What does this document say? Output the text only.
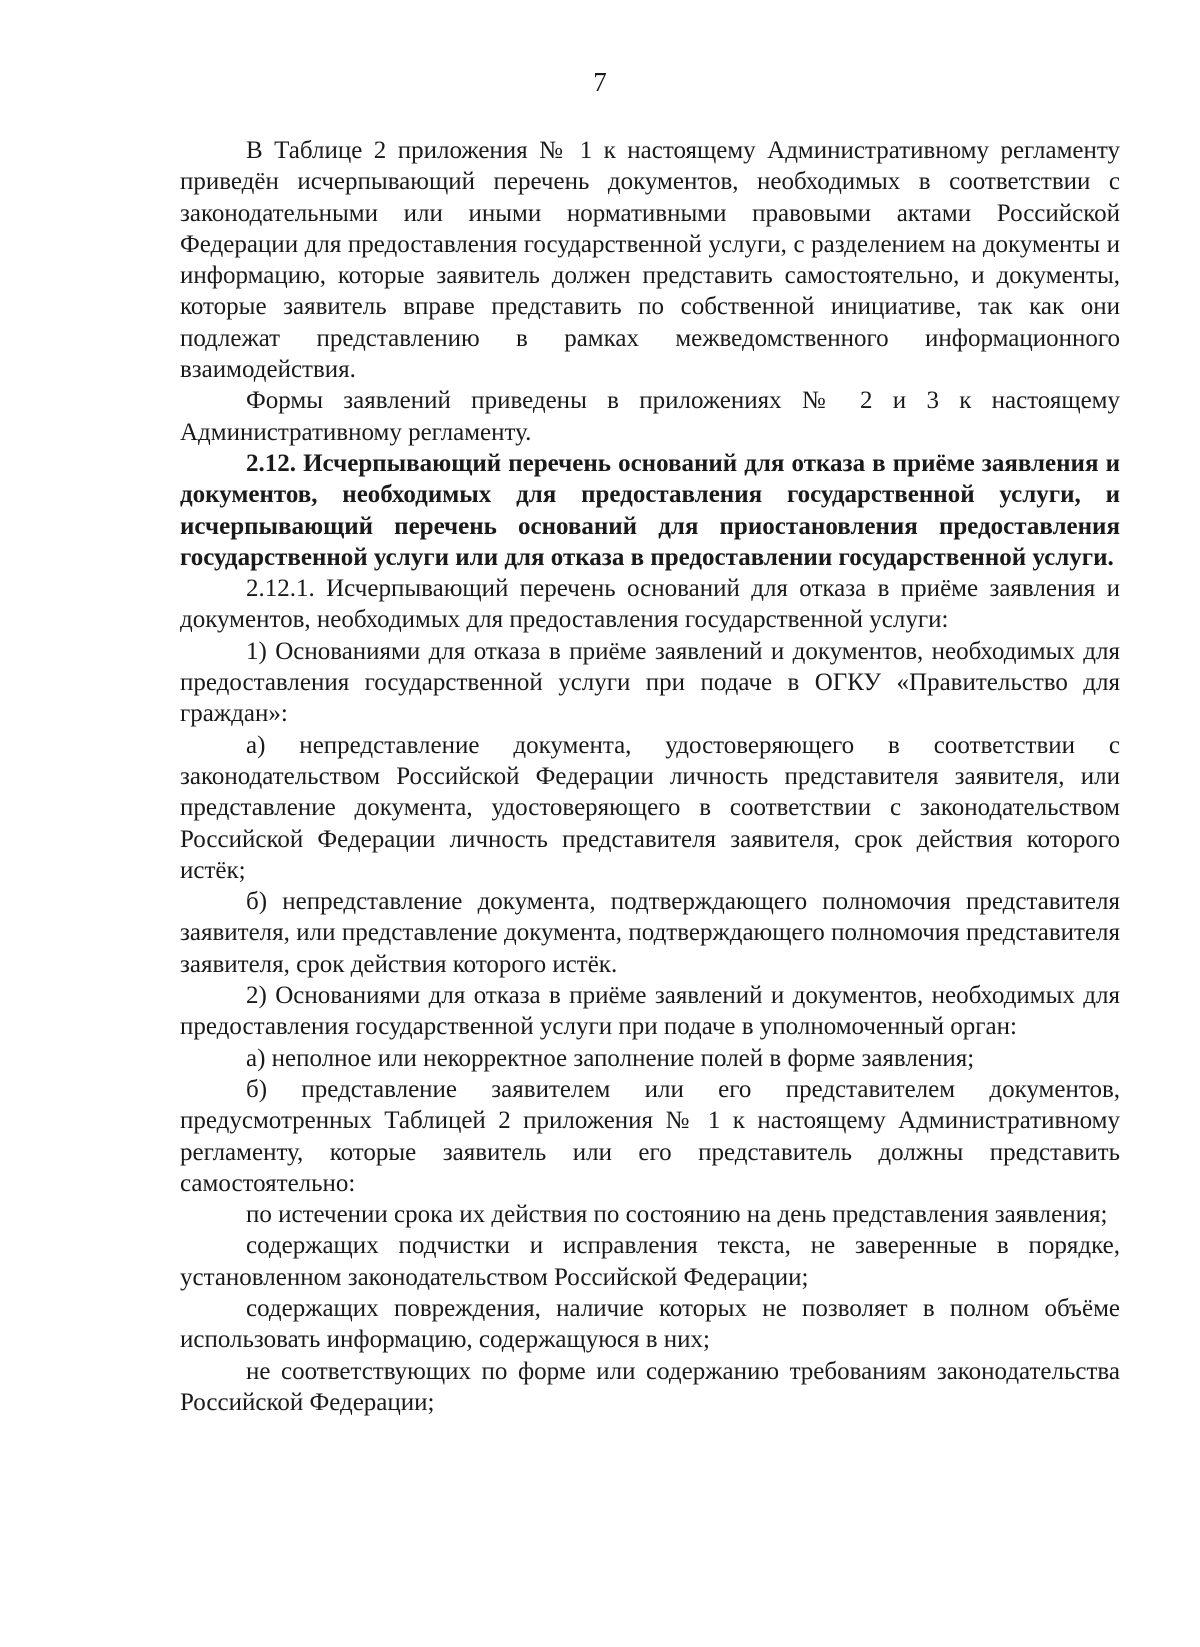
7

В Таблице 2 приложения № 1 к настоящему Административному регламенту приведён исчерпывающий перечень документов, необходимых в соответствии с законодательными или иными нормативными правовыми актами Российской Федерации для предоставления государственной услуги, с разделением на документы и информацию, которые заявитель должен представить самостоятельно, и документы, которые заявитель вправе представить по собственной инициативе, так как они подлежат представлению в рамках межведомственного информационного взаимодействия.

Формы заявлений приведены в приложениях № 2 и 3 к настоящему Административному регламенту.

2.12. Исчерпывающий перечень оснований для отказа в приёме заявления и документов, необходимых для предоставления государственной услуги, и исчерпывающий перечень оснований для приостановления предоставления государственной услуги или для отказа в предоставлении государственной услуги.

2.12.1. Исчерпывающий перечень оснований для отказа в приёме заявления и документов, необходимых для предоставления государственной услуги:

1) Основаниями для отказа в приёме заявлений и документов, необходимых для предоставления государственной услуги при подаче в ОГКУ «Правительство для граждан»:

а) непредставление документа, удостоверяющего в соответствии с законодательством Российской Федерации личность представителя заявителя, или представление документа, удостоверяющего в соответствии с законодательством Российской Федерации личность представителя заявителя, срок действия которого истёк;

б) непредставление документа, подтверждающего полномочия представителя заявителя, или представление документа, подтверждающего полномочия представителя заявителя, срок действия которого истёк.

2) Основаниями для отказа в приёме заявлений и документов, необходимых для предоставления государственной услуги при подаче в уполномоченный орган:

а) неполное или некорректное заполнение полей в форме заявления;

б) представление заявителем или его представителем документов, предусмотренных Таблицей 2 приложения № 1 к настоящему Административному регламенту, которые заявитель или его представитель должны представить самостоятельно:

по истечении срока их действия по состоянию на день представления заявления;

содержащих подчистки и исправления текста, не заверенные в порядке, установленном законодательством Российской Федерации;

содержащих повреждения, наличие которых не позволяет в полном объёме использовать информацию, содержащуюся в них;

не соответствующих по форме или содержанию требованиям законодательства Российской Федерации;
